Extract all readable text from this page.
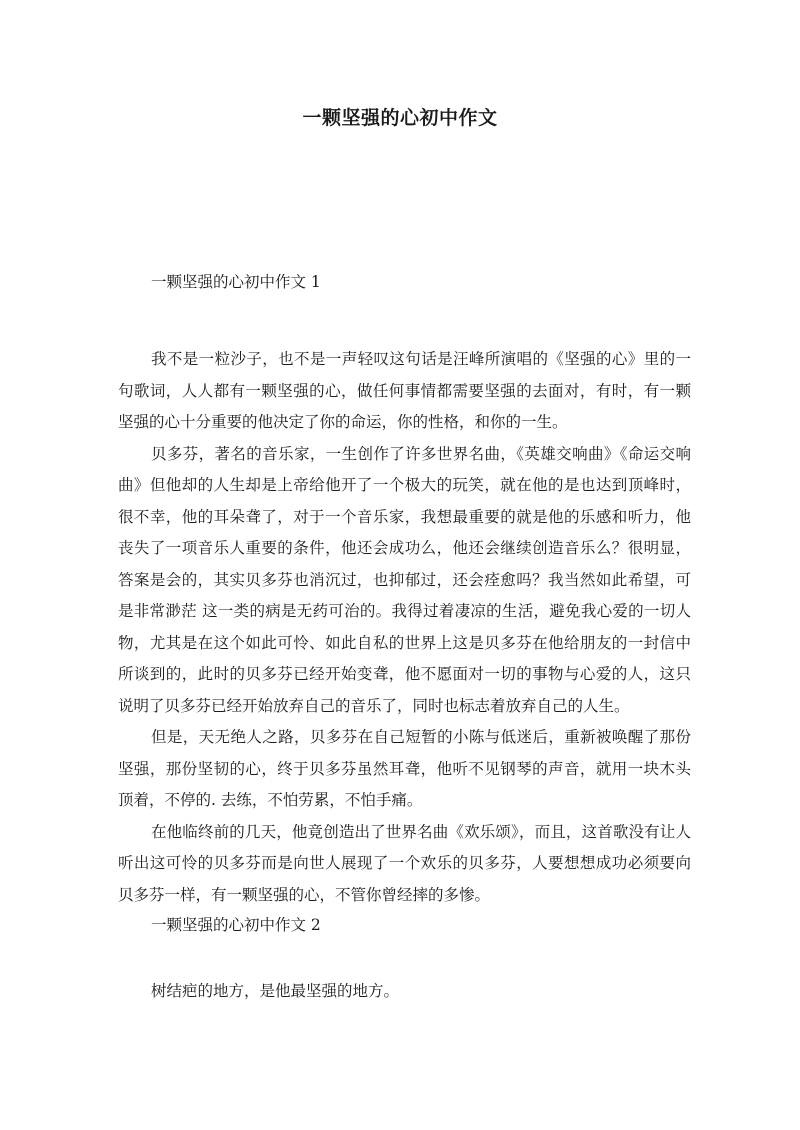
一颗坚强的心初中作文
一颗坚强的心初中作文 1

我不是一粒沙子，也不是一声轻叹这句话是汪峰所演唱的《坚强的心》里的一句歌词，人人都有一颗坚强的心，做任何事情都需要坚强的去面对，有时，有一颗坚强的心十分重要的他决定了你的命运，你的性格，和你的一生。

贝多芬，著名的音乐家，一生创作了许多世界名曲，《英雄交响曲》《命运交响曲》但他却的人生却是上帝给他开了一个极大的玩笑，就在他的是也达到顶峰时，很不幸，他的耳朵聋了，对于一个音乐家，我想最重要的就是他的乐感和听力，他丧失了一项音乐人重要的条件，他还会成功么，他还会继续创造音乐么？很明显，答案是会的，其实贝多芬也消沉过，也抑郁过，还会痊愈吗？我当然如此希望，可是非常渺茫 这一类的病是无药可治的。我得过着凄凉的生活，避免我心爱的一切人物，尤其是在这个如此可怜、如此自私的世界上这是贝多芬在他给朋友的一封信中所谈到的，此时的贝多芬已经开始变聋，他不愿面对一切的事物与心爱的人，这只说明了贝多芬已经开始放弃自己的音乐了，同时也标志着放弃自己的人生。

但是，天无绝人之路，贝多芬在自己短暂的小陈与低迷后，重新被唤醒了那份坚强，那份坚韧的心，终于贝多芬虽然耳聋，他听不见钢琴的声音，就用一块木头顶着，不停的. 去练，不怕劳累，不怕手痛。

在他临终前的几天，他竟创造出了世界名曲《欢乐颂》，而且，这首歌没有让人听出这可怜的贝多芬而是向世人展现了一个欢乐的贝多芬，人要想想成功必须要向贝多芬一样，有一颗坚强的心，不管你曾经摔的多惨。

一颗坚强的心初中作文 2

树结疤的地方，是他最坚强的地方。
